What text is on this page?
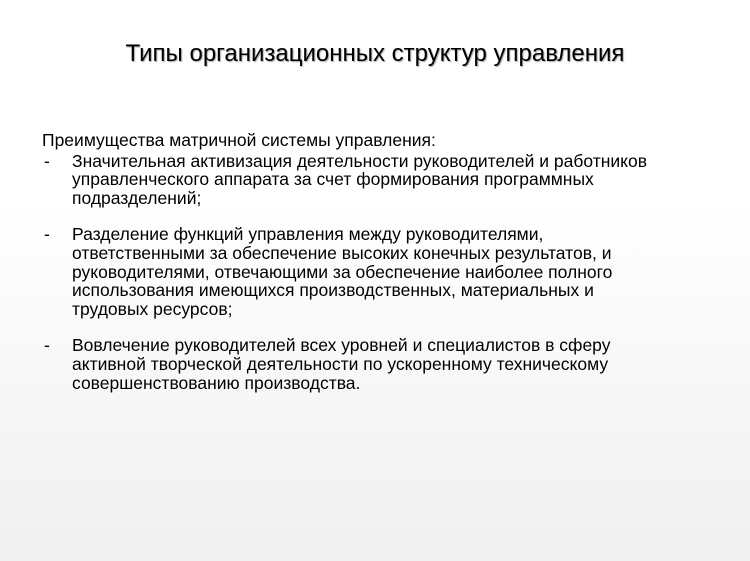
Типы организационных структур управления

Преимущества матричной системы управления:

-	Значительная активизация деятельности руководителей и работников
управленческого аппарата за счет формирования программных
подразделений;
-	Разделение функций управления между руководителями,
ответственными за обеспечение высоких конечных результатов, и
руководителями, отвечающими за обеспечение наиболее полного
использования имеющихся производственных, материальных и
трудовых ресурсов;
-	Вовлечение руководителей всех уровней и специалистов в сферу
активной творческой деятельности по ускоренному техническому
совершенствованию производства.
